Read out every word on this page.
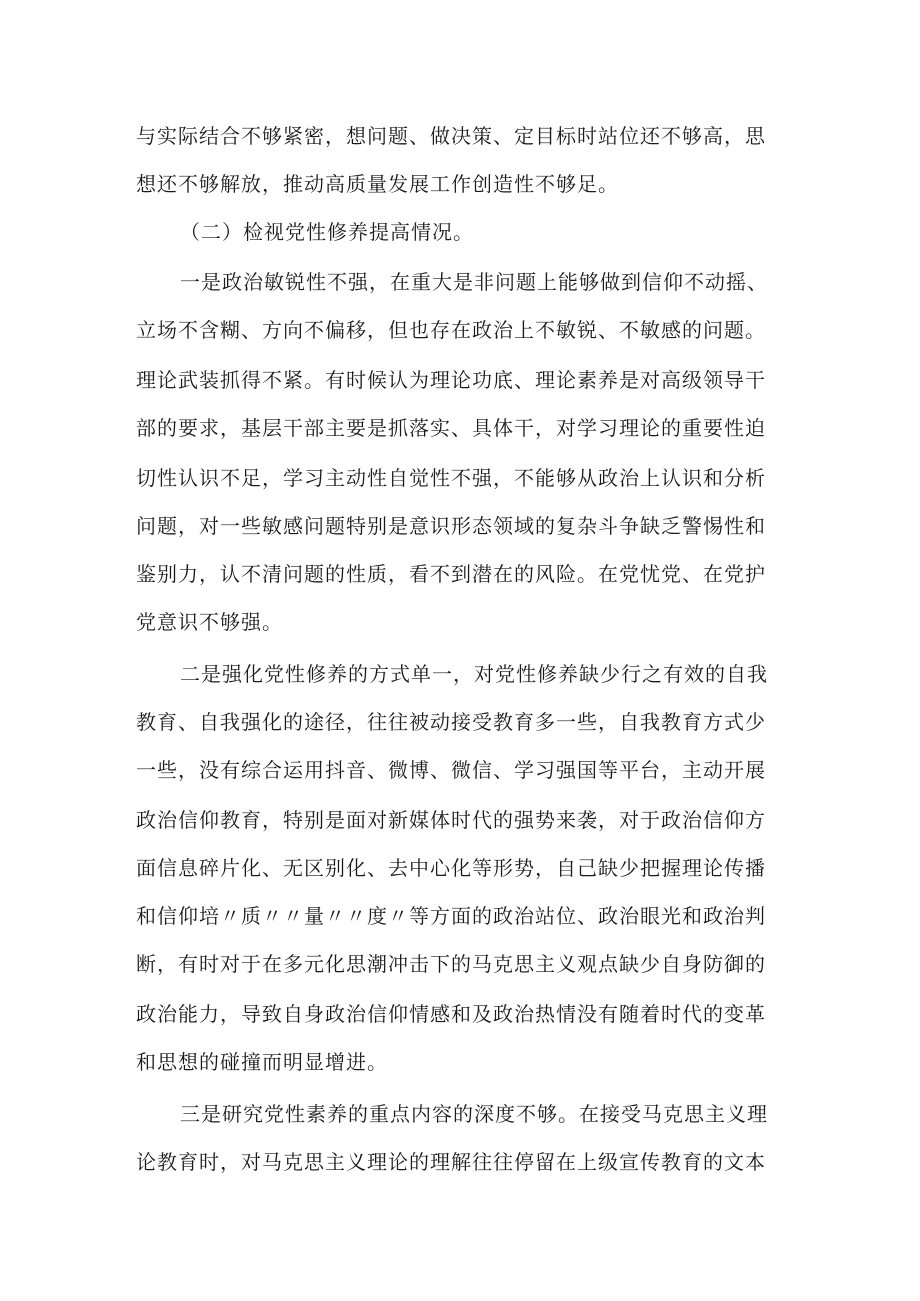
与实际结合不够紧密，想问题、做决策、定目标时站位还不够高，思
想还不够解放，推动高质量发展工作创造性不够足。
（二）检视党性修养提高情况。
一是政治敏锐性不强，在重大是非问题上能够做到信仰不动摇、
立场不含糊、方向不偏移，但也存在政治上不敏锐、不敏感的问题。
理论武装抓得不紧。有时候认为理论功底、理论素养是对高级领导干
部的要求，基层干部主要是抓落实、具体干，对学习理论的重要性迫
切性认识不足，学习主动性自觉性不强，不能够从政治上认识和分析
问题，对一些敏感问题特别是意识形态领域的复杂斗争缺乏警惕性和
鉴别力，认不清问题的性质，看不到潜在的风险。在党忧党、在党护
党意识不够强。
二是强化党性修养的方式单一，对党性修养缺少行之有效的自我
教育、自我强化的途径，往往被动接受教育多一些，自我教育方式少
一些，没有综合运用抖音、微博、微信、学习强国等平台，主动开展
政治信仰教育，特别是面对新媒体时代的强势来袭，对于政治信仰方
面信息碎片化、无区别化、去中心化等形势，自己缺少把握理论传播
和信仰培〃质〃〃量〃〃度〃等方面的政治站位、政治眼光和政治判
断，有时对于在多元化思潮冲击下的马克思主义观点缺少自身防御的
政治能力，导致自身政治信仰情感和及政治热情没有随着时代的变革
和思想的碰撞而明显增进。
三是研究党性素养的重点内容的深度不够。在接受马克思主义理
论教育时，对马克思主义理论的理解往往停留在上级宣传教育的文本
